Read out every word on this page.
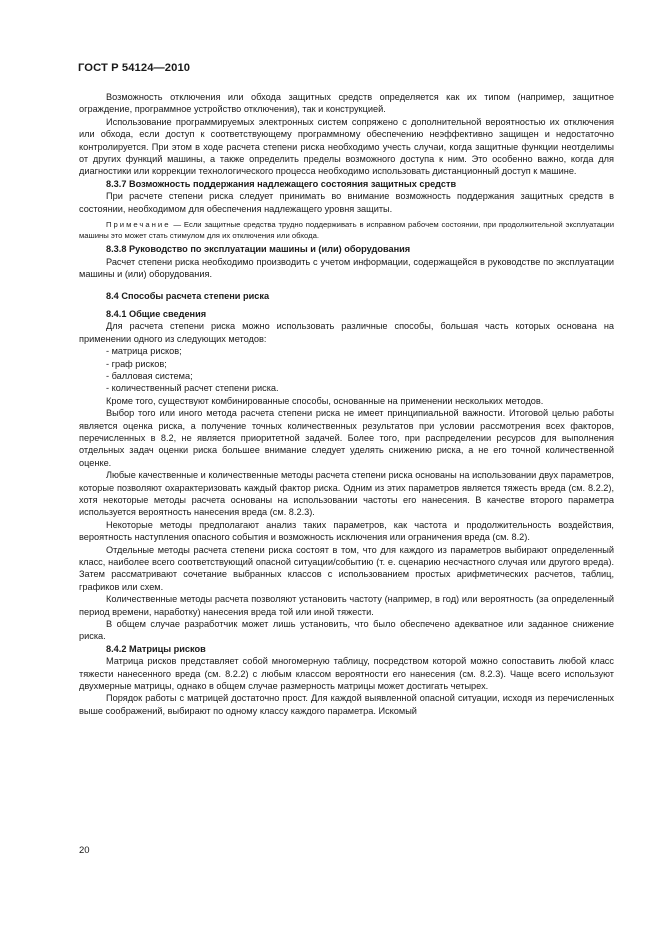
ГОСТ Р 54124—2010

Возможность отключения или обхода защитных средств определяется как их типом (например, защитное ограждение, программное устройство отключения), так и конструкцией.

Использование программируемых электронных систем сопряжено с дополнительной вероятностью их отключения или обхода, если доступ к соответствующему программному обеспечению неэффективно защищен и недостаточно контролируется. При этом в ходе расчета степени риска необходимо учесть случаи, когда защитные функции неотделимы от других функций машины, а также определить пределы возможного доступа к ним. Это особенно важно, когда для диагностики или коррекции технологического процесса необходимо использовать дистанционный доступ к машине.

8.3.7 Возможность поддержания надлежащего состояния защитных средств

При расчете степени риска следует принимать во внимание возможность поддержания защитных средств в состоянии, необходимом для обеспечения надлежащего уровня защиты.

Примечание — Если защитные средства трудно поддерживать в исправном рабочем состоянии, при продолжительной эксплуатации машины это может стать стимулом для их отключения или обхода.

8.3.8 Руководство по эксплуатации машины и (или) оборудования

Расчет степени риска необходимо производить с учетом информации, содержащейся в руководстве по эксплуатации машины и (или) оборудования.

8.4 Способы расчета степени риска

8.4.1 Общие сведения

Для расчета степени риска можно использовать различные способы, большая часть которых основана на применении одного из следующих методов:

- матрица рисков;
- граф рисков;
- балловая система;
- количественный расчет степени риска.

Кроме того, существуют комбинированные способы, основанные на применении нескольких методов.

Выбор того или иного метода расчета степени риска не имеет принципиальной важности. Итоговой целью работы является оценка риска, а получение точных количественных результатов при условии рассмотрения всех факторов, перечисленных в 8.2, не является приоритетной задачей. Более того, при распределении ресурсов для выполнения отдельных задач оценки риска большее внимание следует уделять снижению риска, а не его точной количественной оценке.

Любые качественные и количественные методы расчета степени риска основаны на использовании двух параметров, которые позволяют охарактеризовать каждый фактор риска. Одним из этих параметров является тяжесть вреда (см. 8.2.2), хотя некоторые методы расчета основаны на использовании частоты его нанесения. В качестве второго параметра используется вероятность нанесения вреда (см. 8.2.3).

Некоторые методы предполагают анализ таких параметров, как частота и продолжительность воздействия, вероятность наступления опасного события и возможность исключения или ограничения вреда (см. 8.2).

Отдельные методы расчета степени риска состоят в том, что для каждого из параметров выбирают определенный класс, наиболее всего соответствующий опасной ситуации/событию (т. е. сценарию несчастного случая или другого вреда). Затем рассматривают сочетание выбранных классов с использованием простых арифметических расчетов, таблиц, графиков или схем.

Количественные методы расчета позволяют установить частоту (например, в год) или вероятность (за определенный период времени, наработку) нанесения вреда той или иной тяжести.

В общем случае разработчик может лишь установить, что было обеспечено адекватное или заданное снижение риска.

8.4.2 Матрицы рисков

Матрица рисков представляет собой многомерную таблицу, посредством которой можно сопоставить любой класс тяжести нанесенного вреда (см. 8.2.2) с любым классом вероятности его нанесения (см. 8.2.3). Чаще всего используют двухмерные матрицы, однако в общем случае размерность матрицы может достигать четырех.

Порядок работы с матрицей достаточно прост. Для каждой выявленной опасной ситуации, исходя из перечисленных выше соображений, выбирают по одному классу каждого параметра. Искомый

20
